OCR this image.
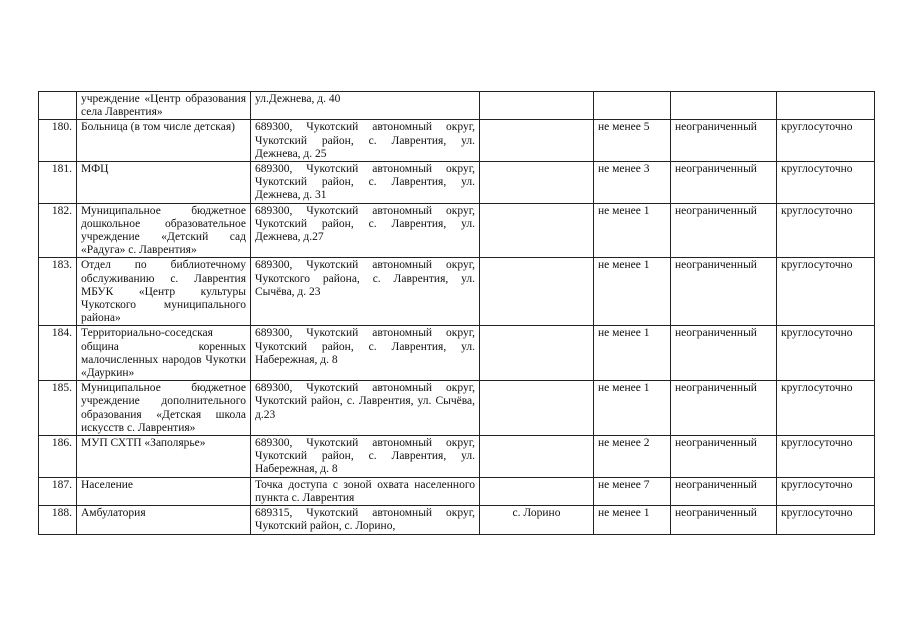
	учреждение «Центр образования села Лаврентия»	ул.Дежнева, д. 40				
180.	Больница (в том числе детская)	689300, Чукотский автономный округ, Чукотский район, с. Лаврентия, ул. Дежнева, д. 25		не менее 5	неограниченный	круглосуточно
181.	МФЦ	689300, Чукотский автономный округ, Чукотский район, с. Лаврентия, ул. Дежнева, д. 31		не менее 3	неограниченный	круглосуточно
182.	Муниципальное бюджетное дошкольное образовательное учреждение «Детский сад «Радуга» с. Лаврентия»	689300, Чукотский автономный округ, Чукотский район, с. Лаврентия, ул. Дежнева, д.27		не менее 1	неограниченный	круглосуточно
183.	Отдел по библиотечному обслуживанию с. Лаврентия МБУК «Центр культуры Чукотского муниципального района»	689300, Чукотский автономный округ, Чукотского района, с. Лаврентия, ул. Сычёва, д. 23		не менее 1	неограниченный	круглосуточно
184.	Территориально-соседская община коренных малочисленных народов Чукотки «Дауркин»	689300, Чукотский автономный округ, Чукотский район, с. Лаврентия, ул. Набережная, д. 8		не менее 1	неограниченный	круглосуточно
185.	Муниципальное бюджетное учреждение дополнительного образования «Детская школа искусств с. Лаврентия»	689300, Чукотский автономный округ, Чукотский район, с. Лаврентия, ул. Сычёва, д.23		не менее 1	неограниченный	круглосуточно
186.	МУП СХТП «Заполярье»	689300, Чукотский автономный округ, Чукотский район, с. Лаврентия, ул. Набережная, д. 8		не менее 2	неограниченный	круглосуточно
187.	Население	Точка доступа с зоной охвата населенного пункта с. Лаврентия		не менее 7	неограниченный	круглосуточно
188.	Амбулатория	689315, Чукотский автономный округ, Чукотский район, с. Лорино,	с. Лорино	не менее 1	неограниченный	круглосуточно
